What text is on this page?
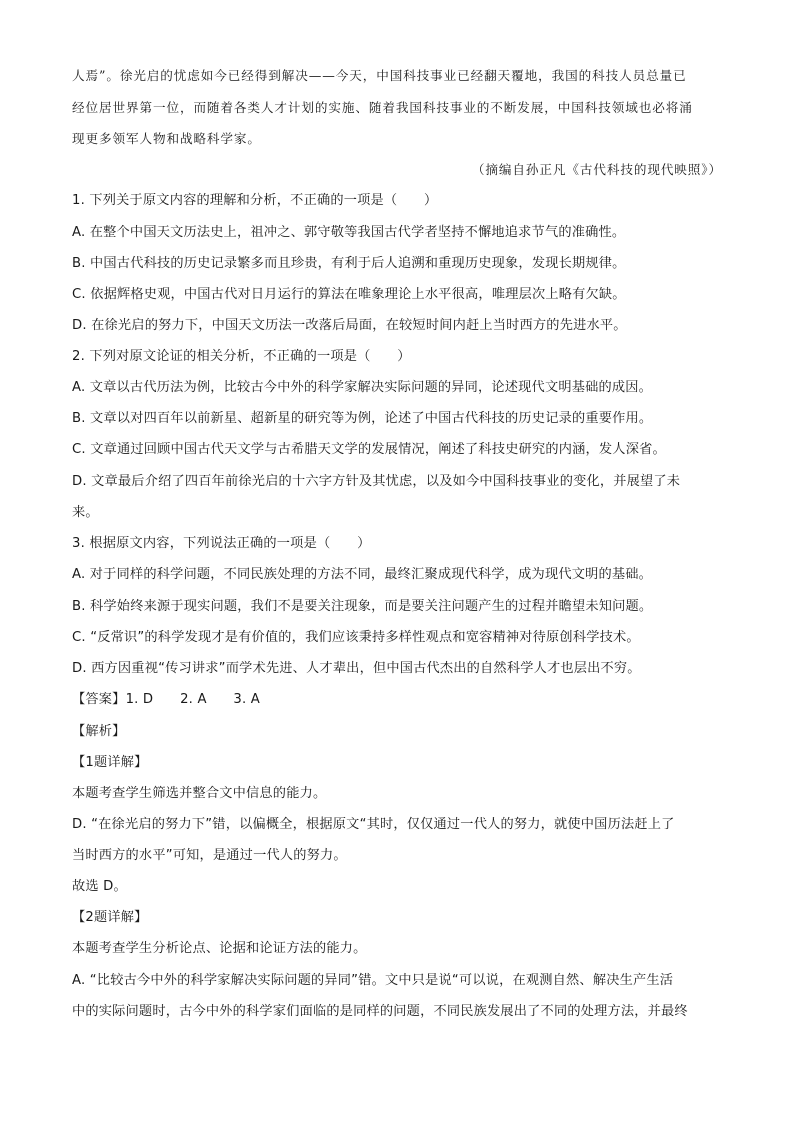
人焉”。徐光启的忧虑如今已经得到解决——今天，中国科技事业已经翻天覆地，我国的科技人员总量已
经位居世界第一位，而随着各类人才计划的实施、随着我国科技事业的不断发展，中国科技领域也必将涌
现更多领军人物和战略科学家。
（摘编自孙正凡《古代科技的现代映照》）
1. 下列关于原文内容的理解和分析，不正确的一项是（　　）
A. 在整个中国天文历法史上，祖冲之、郭守敬等我国古代学者坚持不懈地追求节气的准确性。
B. 中国古代科技的历史记录繁多而且珍贵，有利于后人追溯和重现历史现象，发现长期规律。
C. 依据辉格史观，中国古代对日月运行的算法在唯象理论上水平很高，唯理层次上略有欠缺。
D. 在徐光启的努力下，中国天文历法一改落后局面，在较短时间内赶上当时西方的先进水平。
2. 下列对原文论证的相关分析，不正确的一项是（　　）
A. 文章以古代历法为例，比较古今中外的科学家解决实际问题的异同，论述现代文明基础的成因。
B. 文章以对四百年以前新星、超新星的研究等为例，论述了中国古代科技的历史记录的重要作用。
C. 文章通过回顾中国古代天文学与古希腊天文学的发展情况，阐述了科技史研究的内涵，发人深省。
D. 文章最后介绍了四百年前徐光启的十六字方针及其忧虑，以及如今中国科技事业的变化，并展望了未
来。
3. 根据原文内容，下列说法正确的一项是（　　）
A. 对于同样的科学问题，不同民族处理的方法不同，最终汇聚成现代科学，成为现代文明的基础。
B. 科学始终来源于现实问题，我们不是要关注现象，而是要关注问题产生的过程并瞻望未知问题。
C. “反常识”的科学发现才是有价值的，我们应该秉持多样性观点和宽容精神对待原创科学技术。
D. 西方因重视“传习讲求”而学术先进、人才辈出，但中国古代杰出的自然科学人才也层出不穷。
【答案】1. D　　2. A　　3. A
【解析】
【1题详解】
本题考查学生筛选并整合文中信息的能力。
D. “在徐光启的努力下”错，以偏概全，根据原文“其时，仅仅通过一代人的努力，就使中国历法赶上了
当时西方的水平”可知，是通过一代人的努力。
故选 D。
【2题详解】
本题考查学生分析论点、论据和论证方法的能力。
A. “比较古今中外的科学家解决实际问题的异同”错。文中只是说“可以说，在观测自然、解决生产生活
中的实际问题时，古今中外的科学家们面临的是同样的问题，不同民族发展出了不同的处理方法，并最终
